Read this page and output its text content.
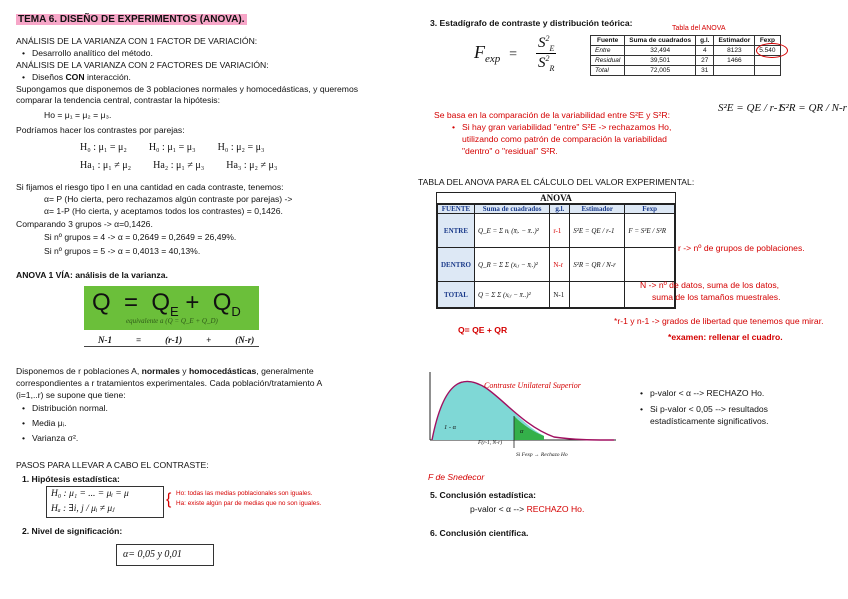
TEMA 6. DISEÑO DE EXPERIMENTOS (ANOVA).
ANÁLISIS DE LA VARIANZA CON 1 FACTOR DE VARIACIÓN:
• Desarrollo analítico del método.
ANÁLISIS DE LA VARIANZA CON 2 FACTORES DE VARIACIÓN:
• Diseños CON interacción.
Supongamos que disponemos de 3 poblaciones normales y homocedásticas, y queremos
comparar la tendencia central, contrastar la hipótesis:
Ho = μ₁ = μ₂ = μ₃.
Podríamos hacer los contrastes por parejas:
H₀ : μ₁ = μ₂ H₀ : μ₁ = μ₃ H₀ : μ₂ = μ₃
Ha₁ : μ₁ ≠ μ₂ Ha₂ : μ₁ ≠ μ₃ Ha₃ : μ₂ ≠ μ₃
Si fijamos el riesgo tipo I en una cantidad en cada contraste, tenemos:
α= P (Ho cierta, pero rechazamos algún contraste por parejas) ->
α= 1-P (Ho cierta, y aceptamos todos los contrastes) = 0,1426.
Comparando 3 grupos -> α=0,1426.
Si nº grupos = 4 -> α = 0,2649 = 0,2649 = 26,49%.
Si nº grupos = 5 -> α = 0,4013 = 40,13%.
ANOVA 1 VÍA: análisis de la varianza.
$Q = Q_E + Q_D$
equivalente a (Q = Q_E + Q_D)
N-1	=	(r-1)	+	(N-r)
Disponemos de r poblaciones A, normales y homocedásticas, generalmente
correspondientes a r tratamientos experimentales. Cada población/tratamiento A
(i=1,..r) se supone que tiene:
• Distribución normal.
• Media μᵢ.
• Varianza σ².
PASOS PARA LLEVAR A CABO EL CONTRASTE:
1. Hipótesis estadística:
H₀ : μ₁ = ... = μᵢ = μ
Hₐ : ∃i, j / μᵢ ≠ μⱼ
{ Ho: todas las medias poblacionales son iguales.
Ha: existe algún par de medias que no son iguales.
2. Nivel de significación:
α= 0,05 y 0,01
3. Estadígrafo de contraste y distribución teórica:
$F_{exp}$ =
$S^2_E$
$S^2_R$
Tabla del ANOVA
Fuente	Suma de cuadrados	g.l.	Estimador	Fexp
Entre	32,494	4	8123	5.540

Residual	39,501	27	1466	
Total	72,005	31		
Se basa en la comparación de la variabilidad entre S²E y S²R:
• Si hay gran variabilidad "entre" S²E -> rechazamos Ho,
utilizando como patrón de comparación la variabilidad
"dentro" o "residual" S²R.
S²E = QE / r-1
S²R = QR / N-r
TABLA DEL ANOVA PARA EL CÁLCULO DEL VALOR EXPERIMENTAL:
ANOVA
FUENTE	Suma de cuadrados	g.l.	Estimador	Fexp
ENTRE	Q_E = Σ nᵢ (x̄ᵢ. − x̄..)²	r-1	S²E = QE / r-1	F = S²E / S²R
DENTRO	Q_R = Σ Σ (xᵢⱼ − x̄ᵢ.)²	N-r	S²R = QR / N-r	
TOTAL	Q = Σ Σ (xᵢⱼ − x̄..)²	N-1		
Q= QE + QR
r -> nº de grupos de poblaciones.
N -> nº de datos, suma de los datos,
suma de los tamaños muestrales.
*r-1 y n-1 -> grados de libertad que tenemos que mirar.
*examen: rellenar el cuadro.
Contraste Unilateral Superior
1 - α
α
F(r-1, N-r)
Si Fexp → Rechazo Ho
F de Snedecor
• p-valor < α --> RECHAZO Ho.
• Si p-valor < 0,05 --> resultados
estadísticamente significativos.
5. Conclusión estadística:
p-valor < α --> RECHAZO Ho.
6. Conclusión científica.
